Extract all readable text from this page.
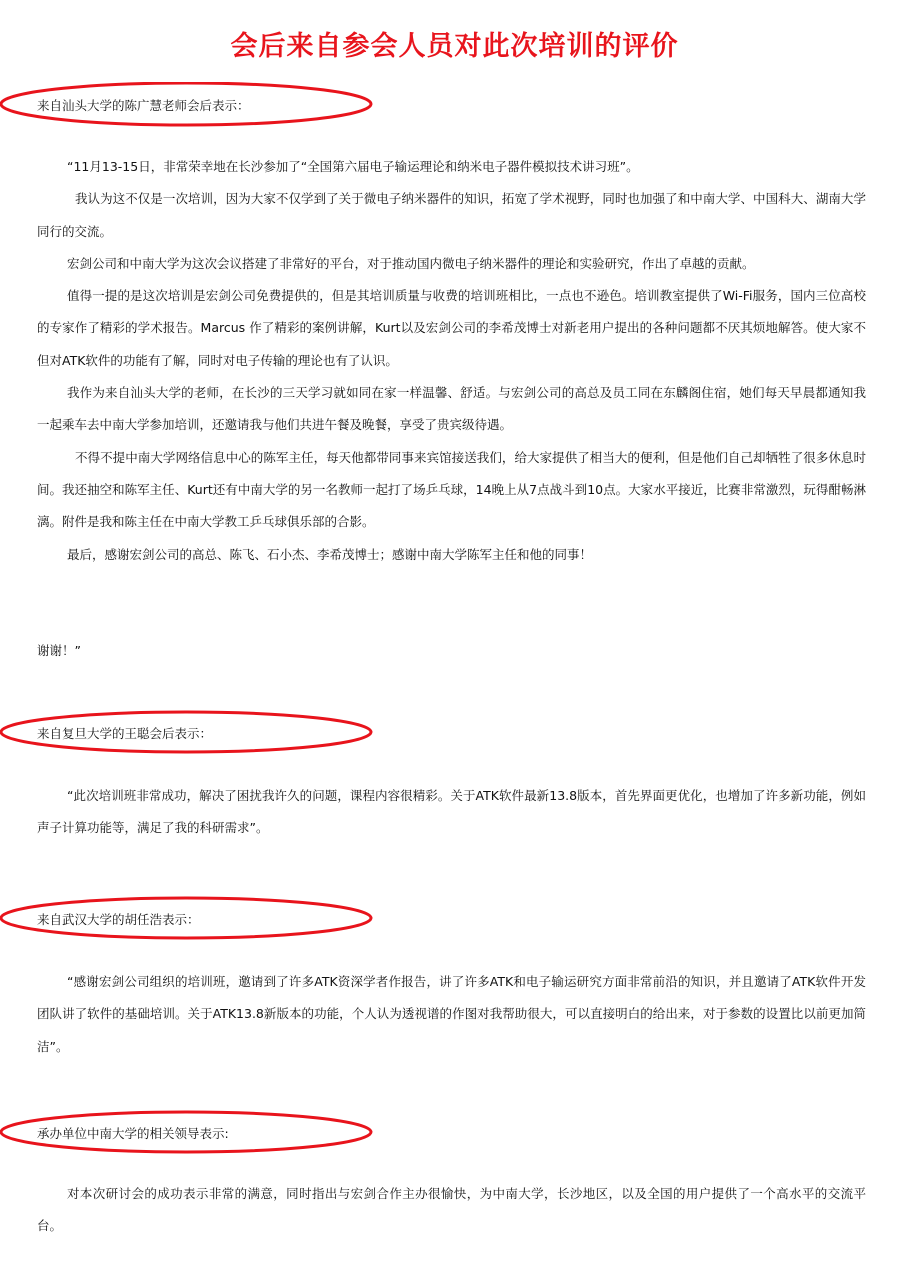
会后来自参会人员对此次培训的评价

来自汕头大学的陈广慧老师会后表示：

“11月13-15日，非常荣幸地在长沙参加了“全国第六届电子输运理论和纳米电子器件模拟技术讲习班”。

我认为这不仅是一次培训，因为大家不仅学到了关于微电子纳米器件的知识，拓宽了学术视野，同时也加强了和中南大学、中国科大、湖南大学同行的交流。

宏剑公司和中南大学为这次会议搭建了非常好的平台，对于推动国内微电子纳米器件的理论和实验研究，作出了卓越的贡献。

值得一提的是这次培训是宏剑公司免费提供的，但是其培训质量与收费的培训班相比，一点也不逊色。培训教室提供了Wi-Fi服务，国内三位高校的专家作了精彩的学术报告。Marcus 作了精彩的案例讲解，Kurt以及宏剑公司的李希茂博士对新老用户提出的各种问题都不厌其烦地解答。使大家不但对ATK软件的功能有了解，同时对电子传输的理论也有了认识。

我作为来自汕头大学的老师，在长沙的三天学习就如同在家一样温馨、舒适。与宏剑公司的高总及员工同在东麟阁住宿，她们每天早晨都通知我一起乘车去中南大学参加培训，还邀请我与他们共进午餐及晚餐，享受了贵宾级待遇。

不得不提中南大学网络信息中心的陈军主任，每天他都带同事来宾馆接送我们，给大家提供了相当大的便利，但是他们自己却牺牲了很多休息时间。我还抽空和陈军主任、Kurt还有中南大学的另一名教师一起打了场乒乓球，14晚上从7点战斗到10点。大家水平接近，比赛非常激烈，玩得酣畅淋漓。附件是我和陈主任在中南大学教工乒乓球俱乐部的合影。

最后，感谢宏剑公司的高总、陈飞、石小杰、李希茂博士；感谢中南大学陈军主任和他的同事！

谢谢！”

来自复旦大学的王聪会后表示：

“此次培训班非常成功，解决了困扰我许久的问题，课程内容很精彩。关于ATK软件最新13.8版本，首先界面更优化，也增加了许多新功能，例如声子计算功能等，满足了我的科研需求”。

来自武汉大学的胡任浩表示：

“感谢宏剑公司组织的培训班，邀请到了许多ATK资深学者作报告，讲了许多ATK和电子输运研究方面非常前沿的知识，并且邀请了ATK软件开发团队讲了软件的基础培训。关于ATK13.8新版本的功能，个人认为透视谱的作图对我帮助很大，可以直接明白的给出来，对于参数的设置比以前更加简洁”。

承办单位中南大学的相关领导表示:

对本次研讨会的成功表示非常的满意，同时指出与宏剑合作主办很愉快，为中南大学，长沙地区，以及全国的用户提供了一个高水平的交流平台。
